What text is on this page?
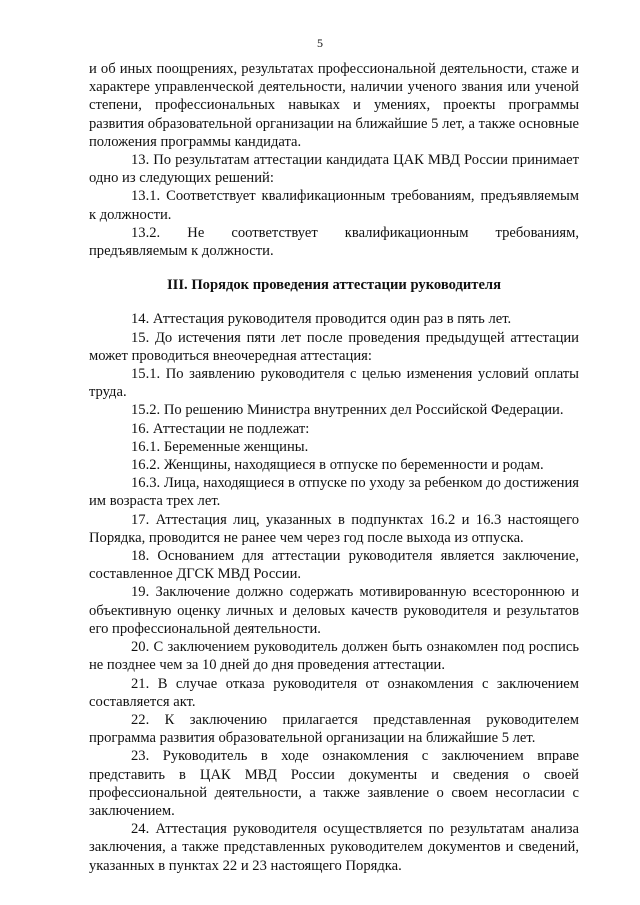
5

и об иных поощрениях, результатах профессиональной деятельности, стаже и характере управленческой деятельности, наличии ученого звания или ученой степени, профессиональных навыках и умениях, проекты программы развития образовательной организации на ближайшие 5 лет, а также основные положения программы кандидата.

13. По результатам аттестации кандидата ЦАК МВД России принимает одно из следующих решений:

13.1. Соответствует квалификационным требованиям, предъявляемым к должности.

13.2. Не соответствует квалификационным требованиям, предъявляемым к должности.

III. Порядок проведения аттестации руководителя

14. Аттестация руководителя проводится один раз в пять лет.

15. До истечения пяти лет после проведения предыдущей аттестации может проводиться внеочередная аттестация:

15.1. По заявлению руководителя с целью изменения условий оплаты труда.

15.2. По решению Министра внутренних дел Российской Федерации.

16. Аттестации не подлежат:

16.1. Беременные женщины.

16.2. Женщины, находящиеся в отпуске по беременности и родам.

16.3. Лица, находящиеся в отпуске по уходу за ребенком до достижения им возраста трех лет.

17. Аттестация лиц, указанных в подпунктах 16.2 и 16.3 настоящего Порядка, проводится не ранее чем через год после выхода из отпуска.

18. Основанием для аттестации руководителя является заключение, составленное ДГСК МВД России.

19. Заключение должно содержать мотивированную всестороннюю и объективную оценку личных и деловых качеств руководителя и результатов его профессиональной деятельности.

20. С заключением руководитель должен быть ознакомлен под роспись не позднее чем за 10 дней до дня проведения аттестации.

21. В случае отказа руководителя от ознакомления с заключением составляется акт.

22. К заключению прилагается представленная руководителем программа развития образовательной организации на ближайшие 5 лет.

23. Руководитель в ходе ознакомления с заключением вправе представить в ЦАК МВД России документы и сведения о своей профессиональной деятельности, а также заявление о своем несогласии с заключением.

24. Аттестация руководителя осуществляется по результатам анализа заключения, а также представленных руководителем документов и сведений, указанных в пунктах 22 и 23 настоящего Порядка.
